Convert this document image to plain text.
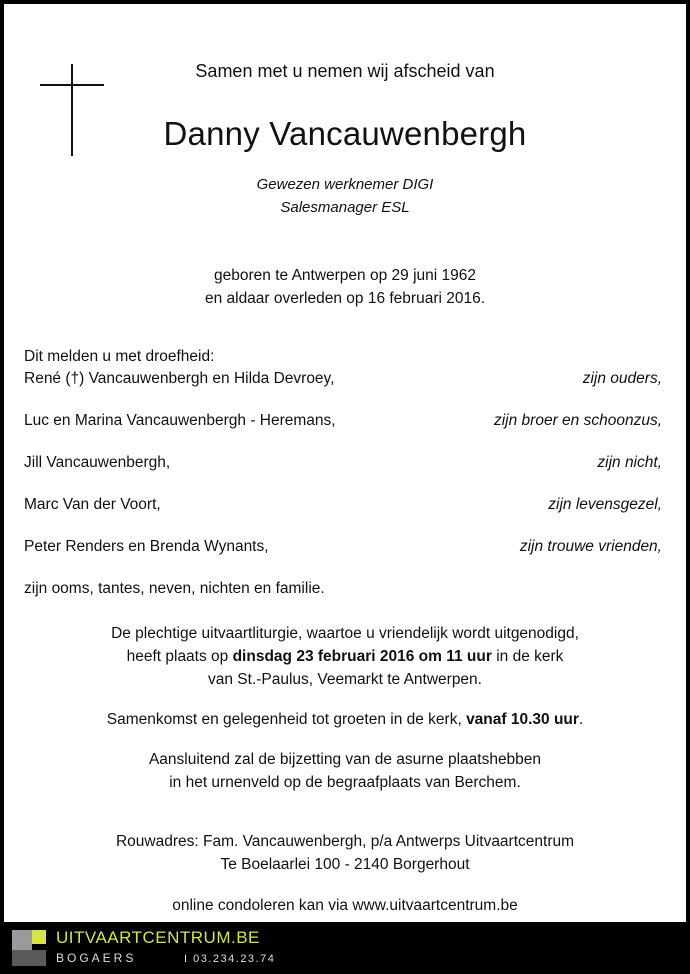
Samen met u nemen wij afscheid van
Danny Vancauwenbergh
Gewezen werknemer DIGI
Salesmanager ESL
geboren te Antwerpen op 29 juni 1962
en aldaar overleden op 16 februari 2016.
Dit melden u met droefheid:
René (†) Vancauwenbergh en Hilda Devroey,	zijn ouders,
Luc en Marina Vancauwenbergh - Heremans,	zijn broer en schoonzus,
Jill Vancauwenbergh,	zijn nicht,
Marc Van der Voort,	zijn levensgezel,
Peter Renders en Brenda Wynants,	zijn trouwe vrienden,
zijn ooms, tantes, neven, nichten en familie.
De plechtige uitvaartliturgie, waartoe u vriendelijk wordt uitgenodigd,
heeft plaats op dinsdag 23 februari 2016 om 11 uur in de kerk
van St.-Paulus, Veemarkt te Antwerpen.
Samenkomst en gelegenheid tot groeten in de kerk, vanaf 10.30 uur.
Aansluitend zal de bijzetting van de asurne plaatshebben
in het urnenveld op de begraafplaats van Berchem.
Rouwadres: Fam. Vancauwenbergh, p/a Antwerps Uitvaartcentrum
Te Boelaarlei 100 - 2140 Borgerhout
online condoleren kan via www.uitvaartcentrum.be
UITVAARTCENTRUM.BE
BOGAERS	I 03.234.23.74
